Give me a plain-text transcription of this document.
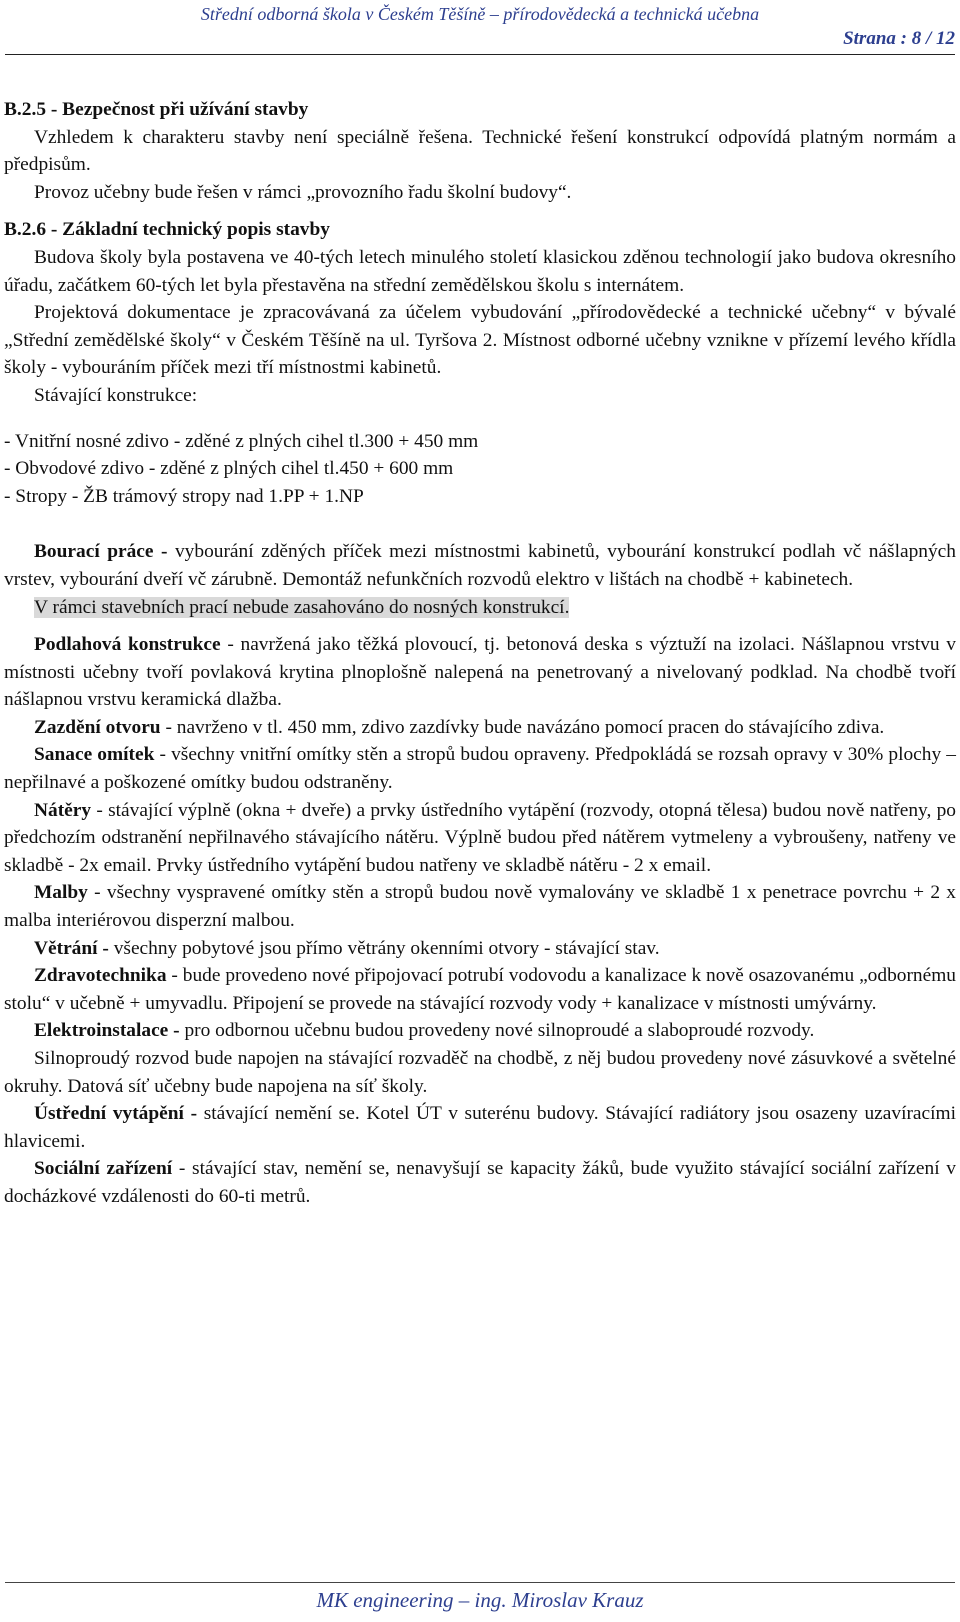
Střední odborná škola v Českém Těšíně – přírodovědecká a technická učebna
Strana : 8 / 12

B.2.5 - Bezpečnost při užívání stavby

Vzhledem k charakteru stavby není speciálně řešena. Technické řešení konstrukcí odpovídá platným normám a předpisům.

Provoz učebny bude řešen v rámci „provozního řadu školní budovy“.

B.2.6 - Základní technický popis stavby

Budova školy byla postavena ve 40-tých letech minulého století klasickou zděnou technologií jako budova okresního úřadu, začátkem 60-tých let byla přestavěna na střední zemědělskou školu s internátem.

Projektová dokumentace je zpracovávaná za účelem vybudování „přírodovědecké a technické učebny“ v bývalé „Střední zemědělské školy“ v Českém Těšíně na ul. Tyršova 2. Místnost odborné učebny vznikne v přízemí levého křídla školy - vybouráním příček mezi tří místnostmi kabinetů.

Stávající konstrukce:

- Vnitřní nosné zdivo - zděné z plných cihel tl.300 + 450 mm

- Obvodové zdivo - zděné z plných cihel tl.450 + 600 mm

- Stropy - ŽB trámový stropy nad 1.PP + 1.NP

Bourací práce - vybourání zděných příček mezi místnostmi kabinetů, vybourání konstrukcí podlah vč nášlapných vrstev, vybourání dveří vč zárubně. Demontáž nefunkčních rozvodů elektro v lištách na chodbě + kabinetech.

V rámci stavebních prací nebude zasahováno do nosných konstrukcí.

Podlahová konstrukce - navržená jako těžká plovoucí, tj. betonová deska s výztuží na izolaci. Nášlapnou vrstvu v místnosti učebny tvoří povlaková krytina plnoplošně nalepená na penetrovaný a nivelovaný podklad. Na chodbě tvoří nášlapnou vrstvu keramická dlažba.

Zazdění otvoru - navrženo v tl. 450 mm, zdivo zazdívky bude navázáno pomocí pracen do stávajícího zdiva.

Sanace omítek - všechny vnitřní omítky stěn a stropů budou opraveny. Předpokládá se rozsah opravy v 30% plochy – nepřilnavé a poškozené omítky budou odstraněny.

Nátěry - stávající výplně (okna + dveře) a prvky ústředního vytápění (rozvody, otopná tělesa) budou nově natřeny, po předchozím odstranění nepřilnavého stávajícího nátěru. Výplně budou před nátěrem vytmeleny a vybroušeny, natřeny ve skladbě - 2x email. Prvky ústředního vytápění budou natřeny ve skladbě nátěru - 2 x email.

Malby - všechny vyspravené omítky stěn a stropů budou nově vymalovány ve skladbě 1 x penetrace povrchu + 2 x malba interiérovou disperzní malbou.

Větrání - všechny pobytové jsou přímo větrány okenními otvory - stávající stav.

Zdravotechnika - bude provedeno nové připojovací potrubí vodovodu a kanalizace k nově osazovanému „odbornému stolu“ v učebně + umyvadlu. Připojení se provede na stávající rozvody vody + kanalizace v místnosti umývárny.

Elektroinstalace - pro odbornou učebnu budou provedeny nové silnoproudé a slaboproudé rozvody.

Silnoproudý rozvod bude napojen na stávající rozvaděč na chodbě, z něj budou provedeny nové zásuvkové a světelné okruhy. Datová síť učebny bude napojena na síť školy.

Ústřední vytápění - stávající nemění se. Kotel ÚT v suterénu budovy. Stávající radiátory jsou osazeny uzavíracími hlavicemi.

Sociální zařízení - stávající stav, nemění se, nenavyšují se kapacity žáků, bude využito stávající sociální zařízení v docházkové vzdálenosti do 60-ti metrů.

MK engineering – ing. Miroslav Krauz
